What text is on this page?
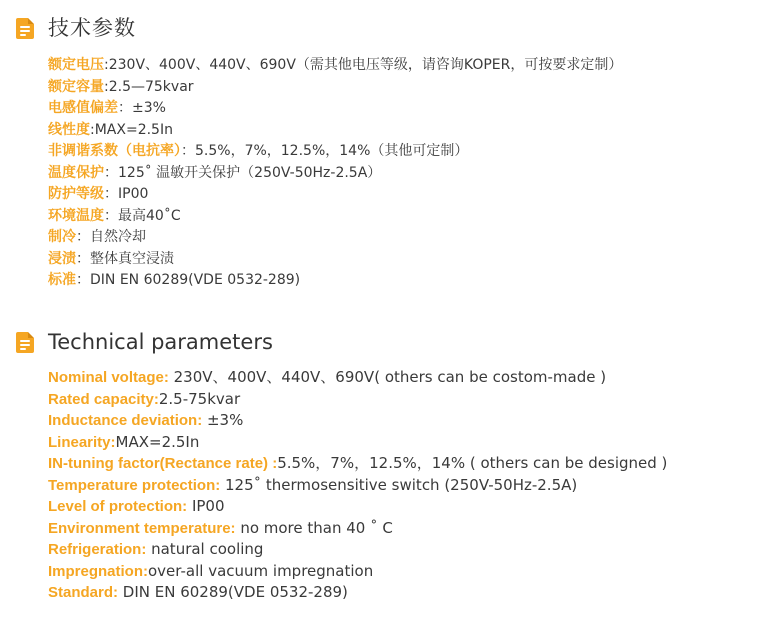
技术参数
额定电压:230V、400V、440V、690V（需其他电压等级，请咨询KOPER，可按要求定制）
额定容量:2.5—75kvar
电感值偏差：±3%
线性度:MAX=2.5In
非调谐系数（电抗率）：5.5%，7%，12.5%，14%（其他可定制）
温度保护：125˚ 温敏开关保护（250V-50Hz-2.5A）
防护等级：IP00
环境温度：最高40˚C
制冷：自然冷却
浸渍：整体真空浸渍
标准：DIN EN 60289(VDE 0532-289)
Technical parameters
Nominal voltage: 230V、400V、440V、690V( others can be costom-made )
Rated capacity:2.5-75kvar
Inductance deviation: ±3%
Linearity:MAX=2.5In
IN-tuning factor(Rectance rate) :5.5%，7%，12.5%，14% ( others can be designed )
Temperature protection: 125˚ thermosensitive switch (250V-50Hz-2.5A)
Level of protection: IP00
Environment temperature: no more than 40 ˚ C
Refrigeration: natural cooling
Impregnation:over-all vacuum impregnation
Standard: DIN EN 60289(VDE 0532-289)
